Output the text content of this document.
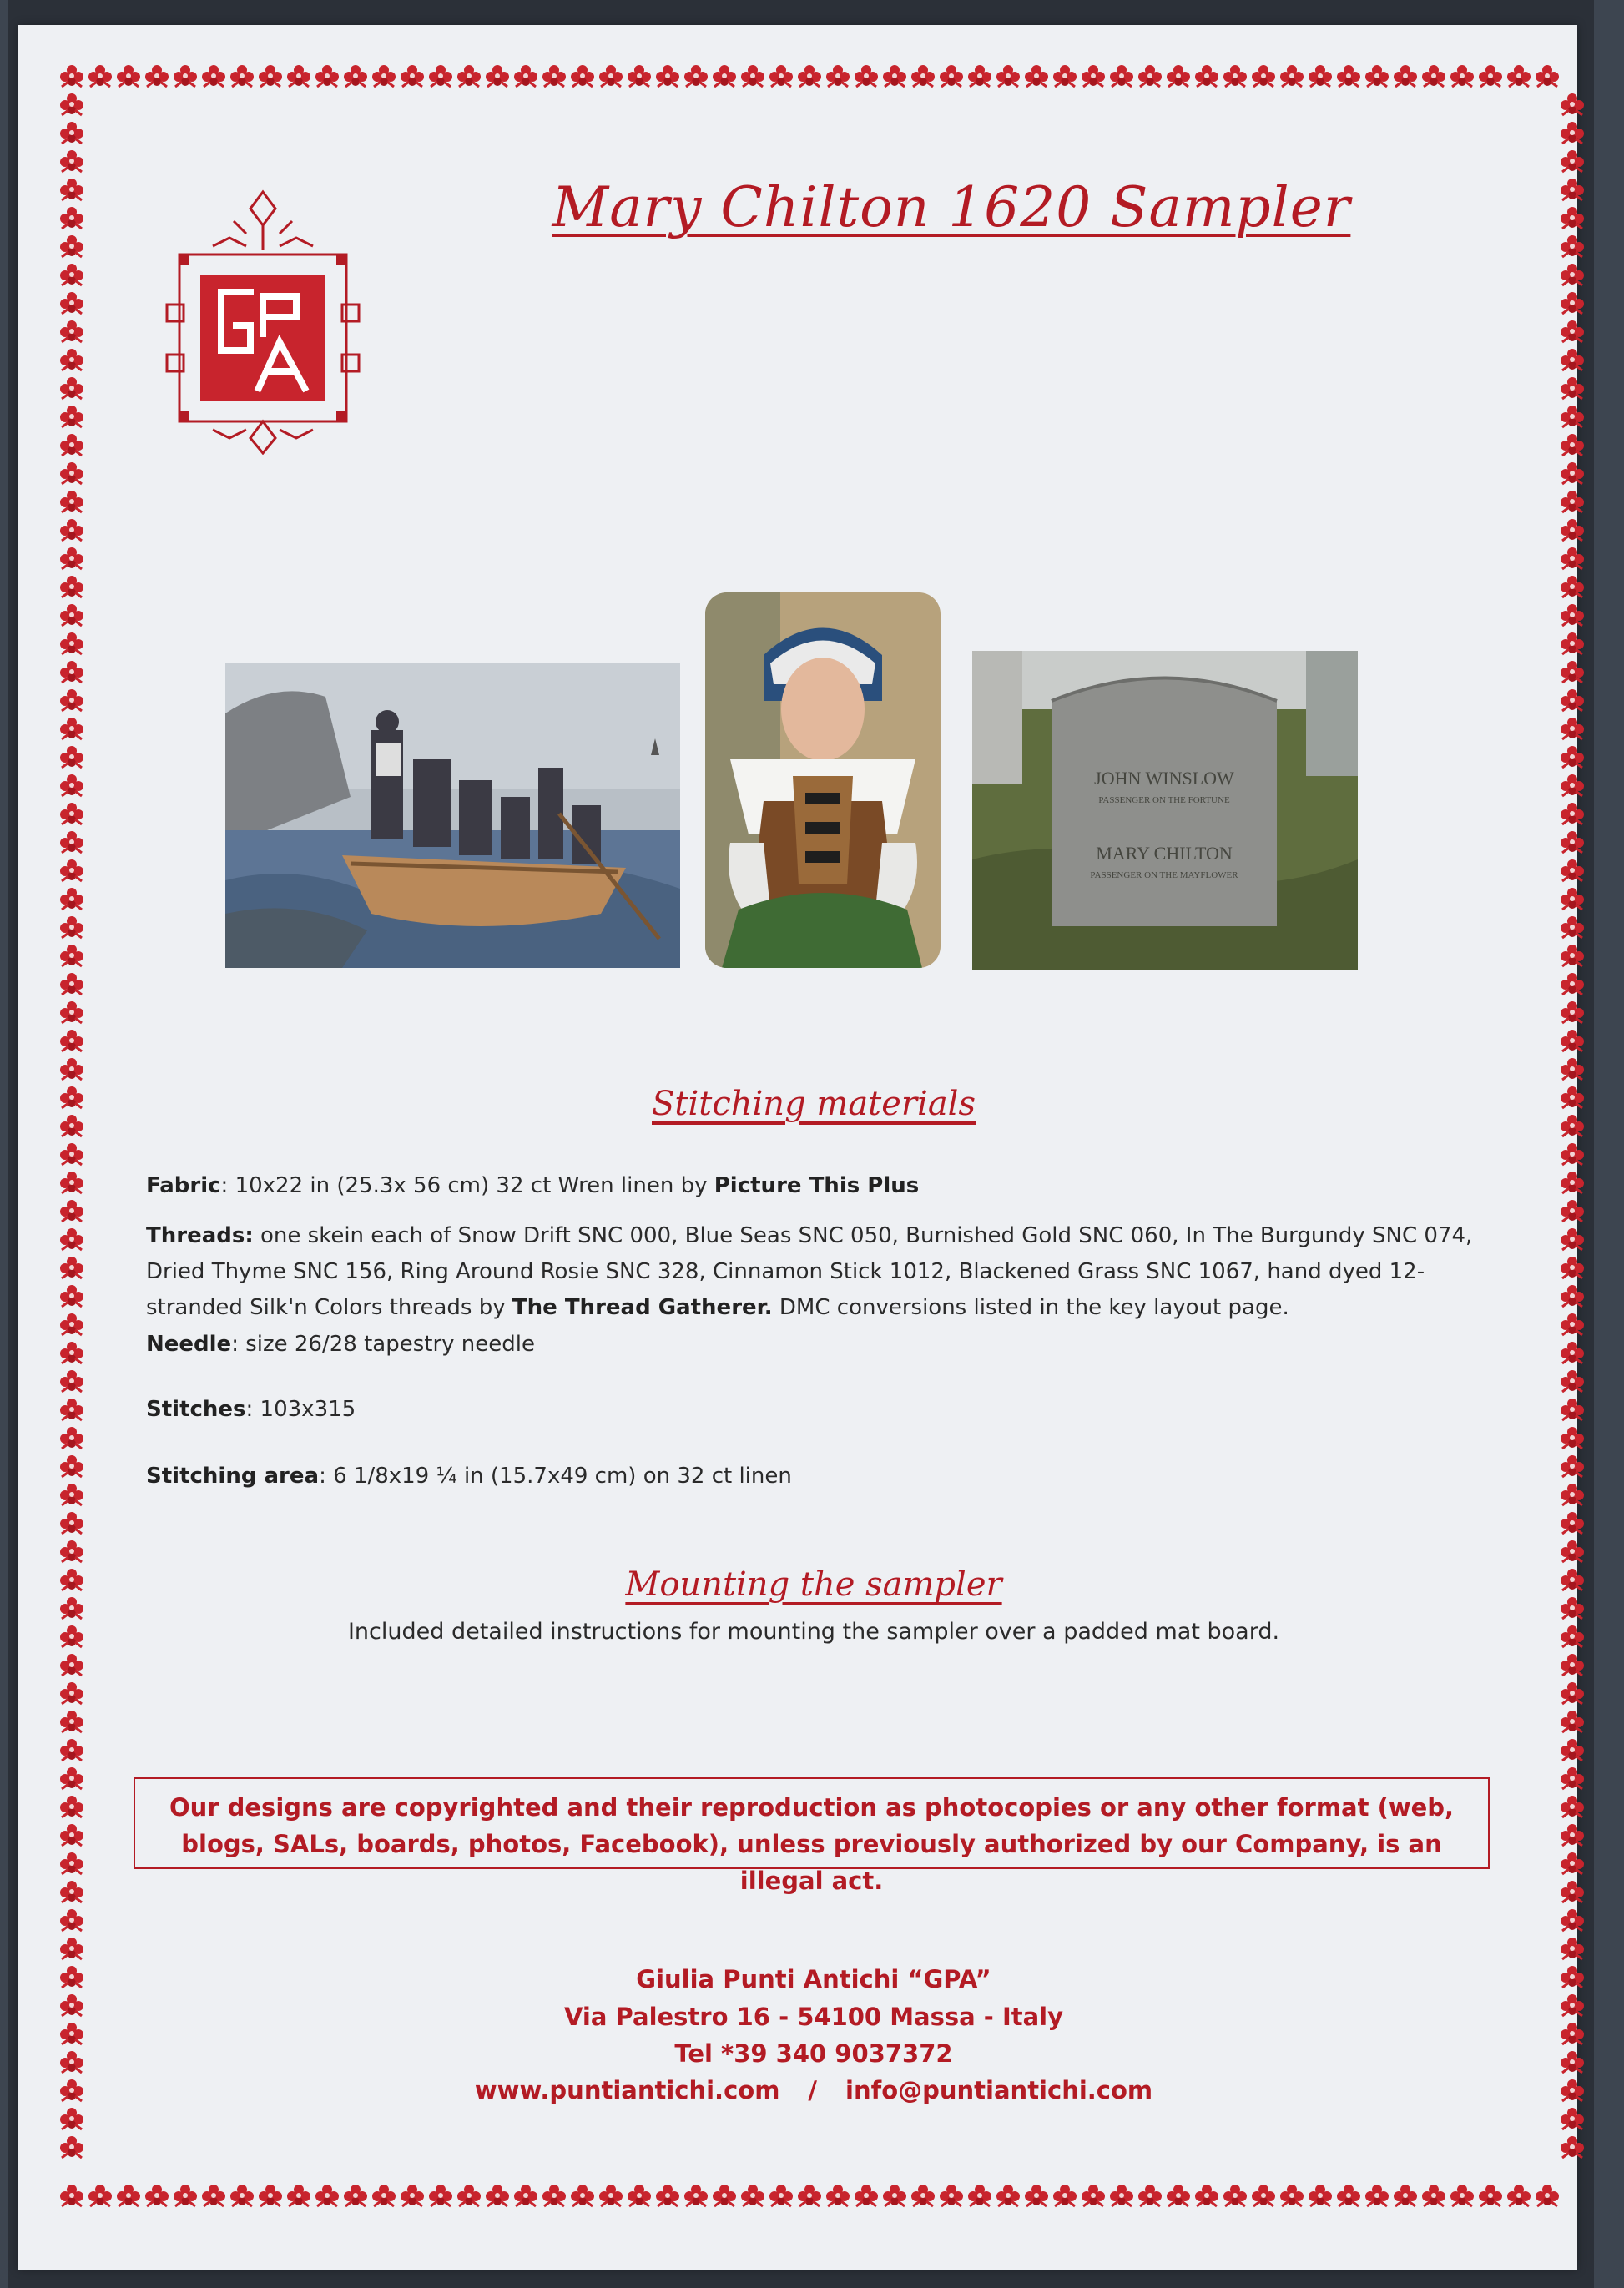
Mary Chilton 1620 Sampler
JOHN WINSLOW
PASSENGER ON THE FORTUNE
MARY CHILTON
PASSENGER ON THE MAYFLOWER
Stitching materials
Fabric: 10x22 in (25.3x 56 cm) 32 ct Wren linen by Picture This Plus
Threads: one skein each of Snow Drift SNC 000, Blue Seas SNC 050, Burnished Gold SNC 060, In The Burgundy SNC 074, Dried Thyme SNC 156, Ring Around Rosie SNC 328, Cinnamon Stick 1012, Blackened Grass SNC 1067, hand dyed 12-stranded Silk'n Colors threads by The Thread Gatherer. DMC conversions listed in the key layout page.
Needle: size 26/28 tapestry needle
Stitches: 103x315
Stitching area: 6 1/8x19 ¼ in (15.7x49 cm) on 32 ct linen
Mounting the sampler
Included detailed instructions for mounting the sampler over a padded mat board.
Our designs are copyrighted and their reproduction as photocopies or any other format (web, blogs, SALs, boards, photos, Facebook), unless previously authorized by our Company, is an illegal act.
Giulia Punti Antichi “GPA”
Via Palestro 16 - 54100 Massa - Italy
Tel *39 340 9037372
www.puntiantichi.com / info@puntiantichi.com
